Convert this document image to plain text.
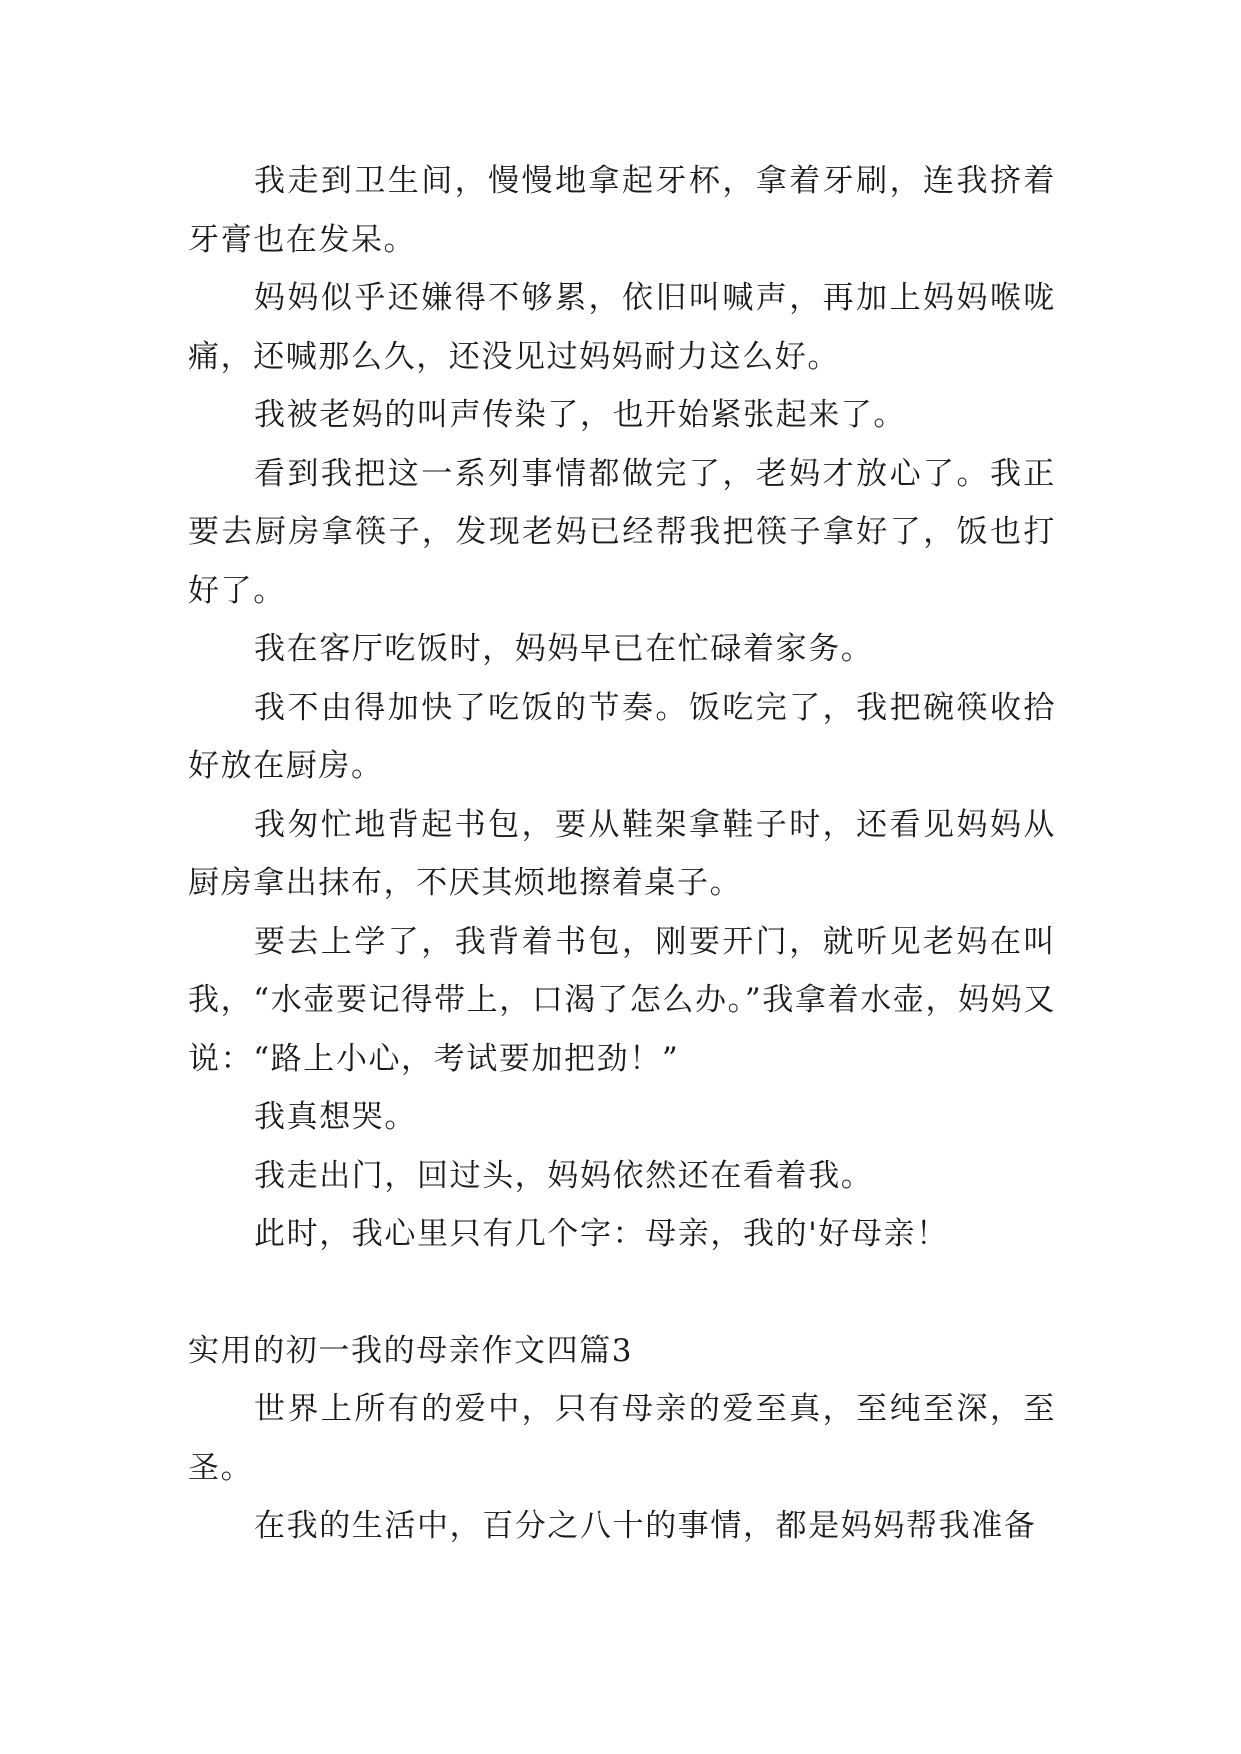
我走到卫生间，慢慢地拿起牙杯，拿着牙刷，连我挤着牙膏也在发呆。

妈妈似乎还嫌得不够累，依旧叫喊声，再加上妈妈喉咙痛，还喊那么久，还没见过妈妈耐力这么好。

我被老妈的叫声传染了，也开始紧张起来了。

看到我把这一系列事情都做完了，老妈才放心了。我正要去厨房拿筷子，发现老妈已经帮我把筷子拿好了，饭也打好了。

我在客厅吃饭时，妈妈早已在忙碌着家务。

我不由得加快了吃饭的节奏。饭吃完了，我把碗筷收拾好放在厨房。

我匆忙地背起书包，要从鞋架拿鞋子时，还看见妈妈从厨房拿出抹布，不厌其烦地擦着桌子。

要去上学了，我背着书包，刚要开门，就听见老妈在叫我，“水壶要记得带上，口渴了怎么办。”我拿着水壶，妈妈又说：“路上小心，考试要加把劲！”

我真想哭。

我走出门，回过头，妈妈依然还在看着我。

此时，我心里只有几个字：母亲，我的'好母亲！

实用的初一我的母亲作文四篇3

世界上所有的爱中，只有母亲的爱至真，至纯至深，至圣。

在我的生活中，百分之八十的事情，都是妈妈帮我准备
